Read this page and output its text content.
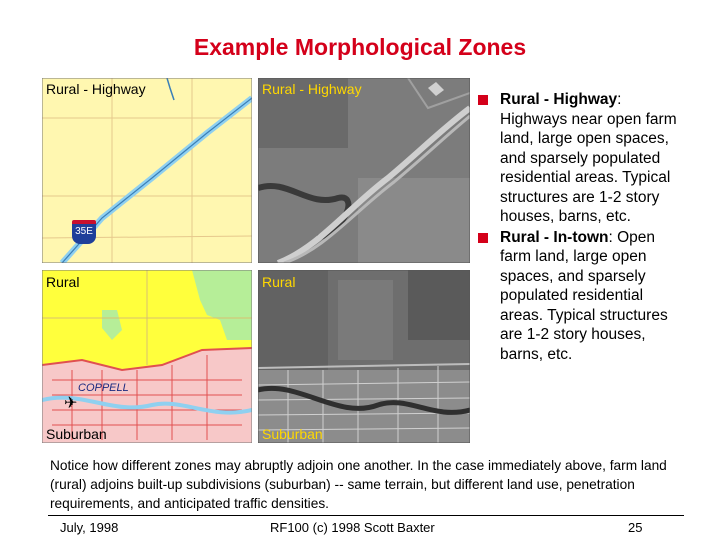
Example Morphological Zones
Rural - Highway
35E
Rural
COPPELL
✈
Suburban
Rural - Highway
Rural
Suburban
Rural - Highway: Highways near open farm land, large open spaces, and sparsely populated residential areas. Typical structures are 1-2 story houses, barns, etc.
Rural - In-town: Open farm land, large open spaces, and sparsely populated residential areas. Typical structures are 1-2 story houses, barns, etc.
Notice how different zones may abruptly adjoin one another. In the case immediately above, farm land (rural) adjoins built-up subdivisions (suburban) -- same terrain, but different land use, penetration requirements, and anticipated traffic densities.
July, 1998	RF100 (c) 1998 Scott Baxter	25
